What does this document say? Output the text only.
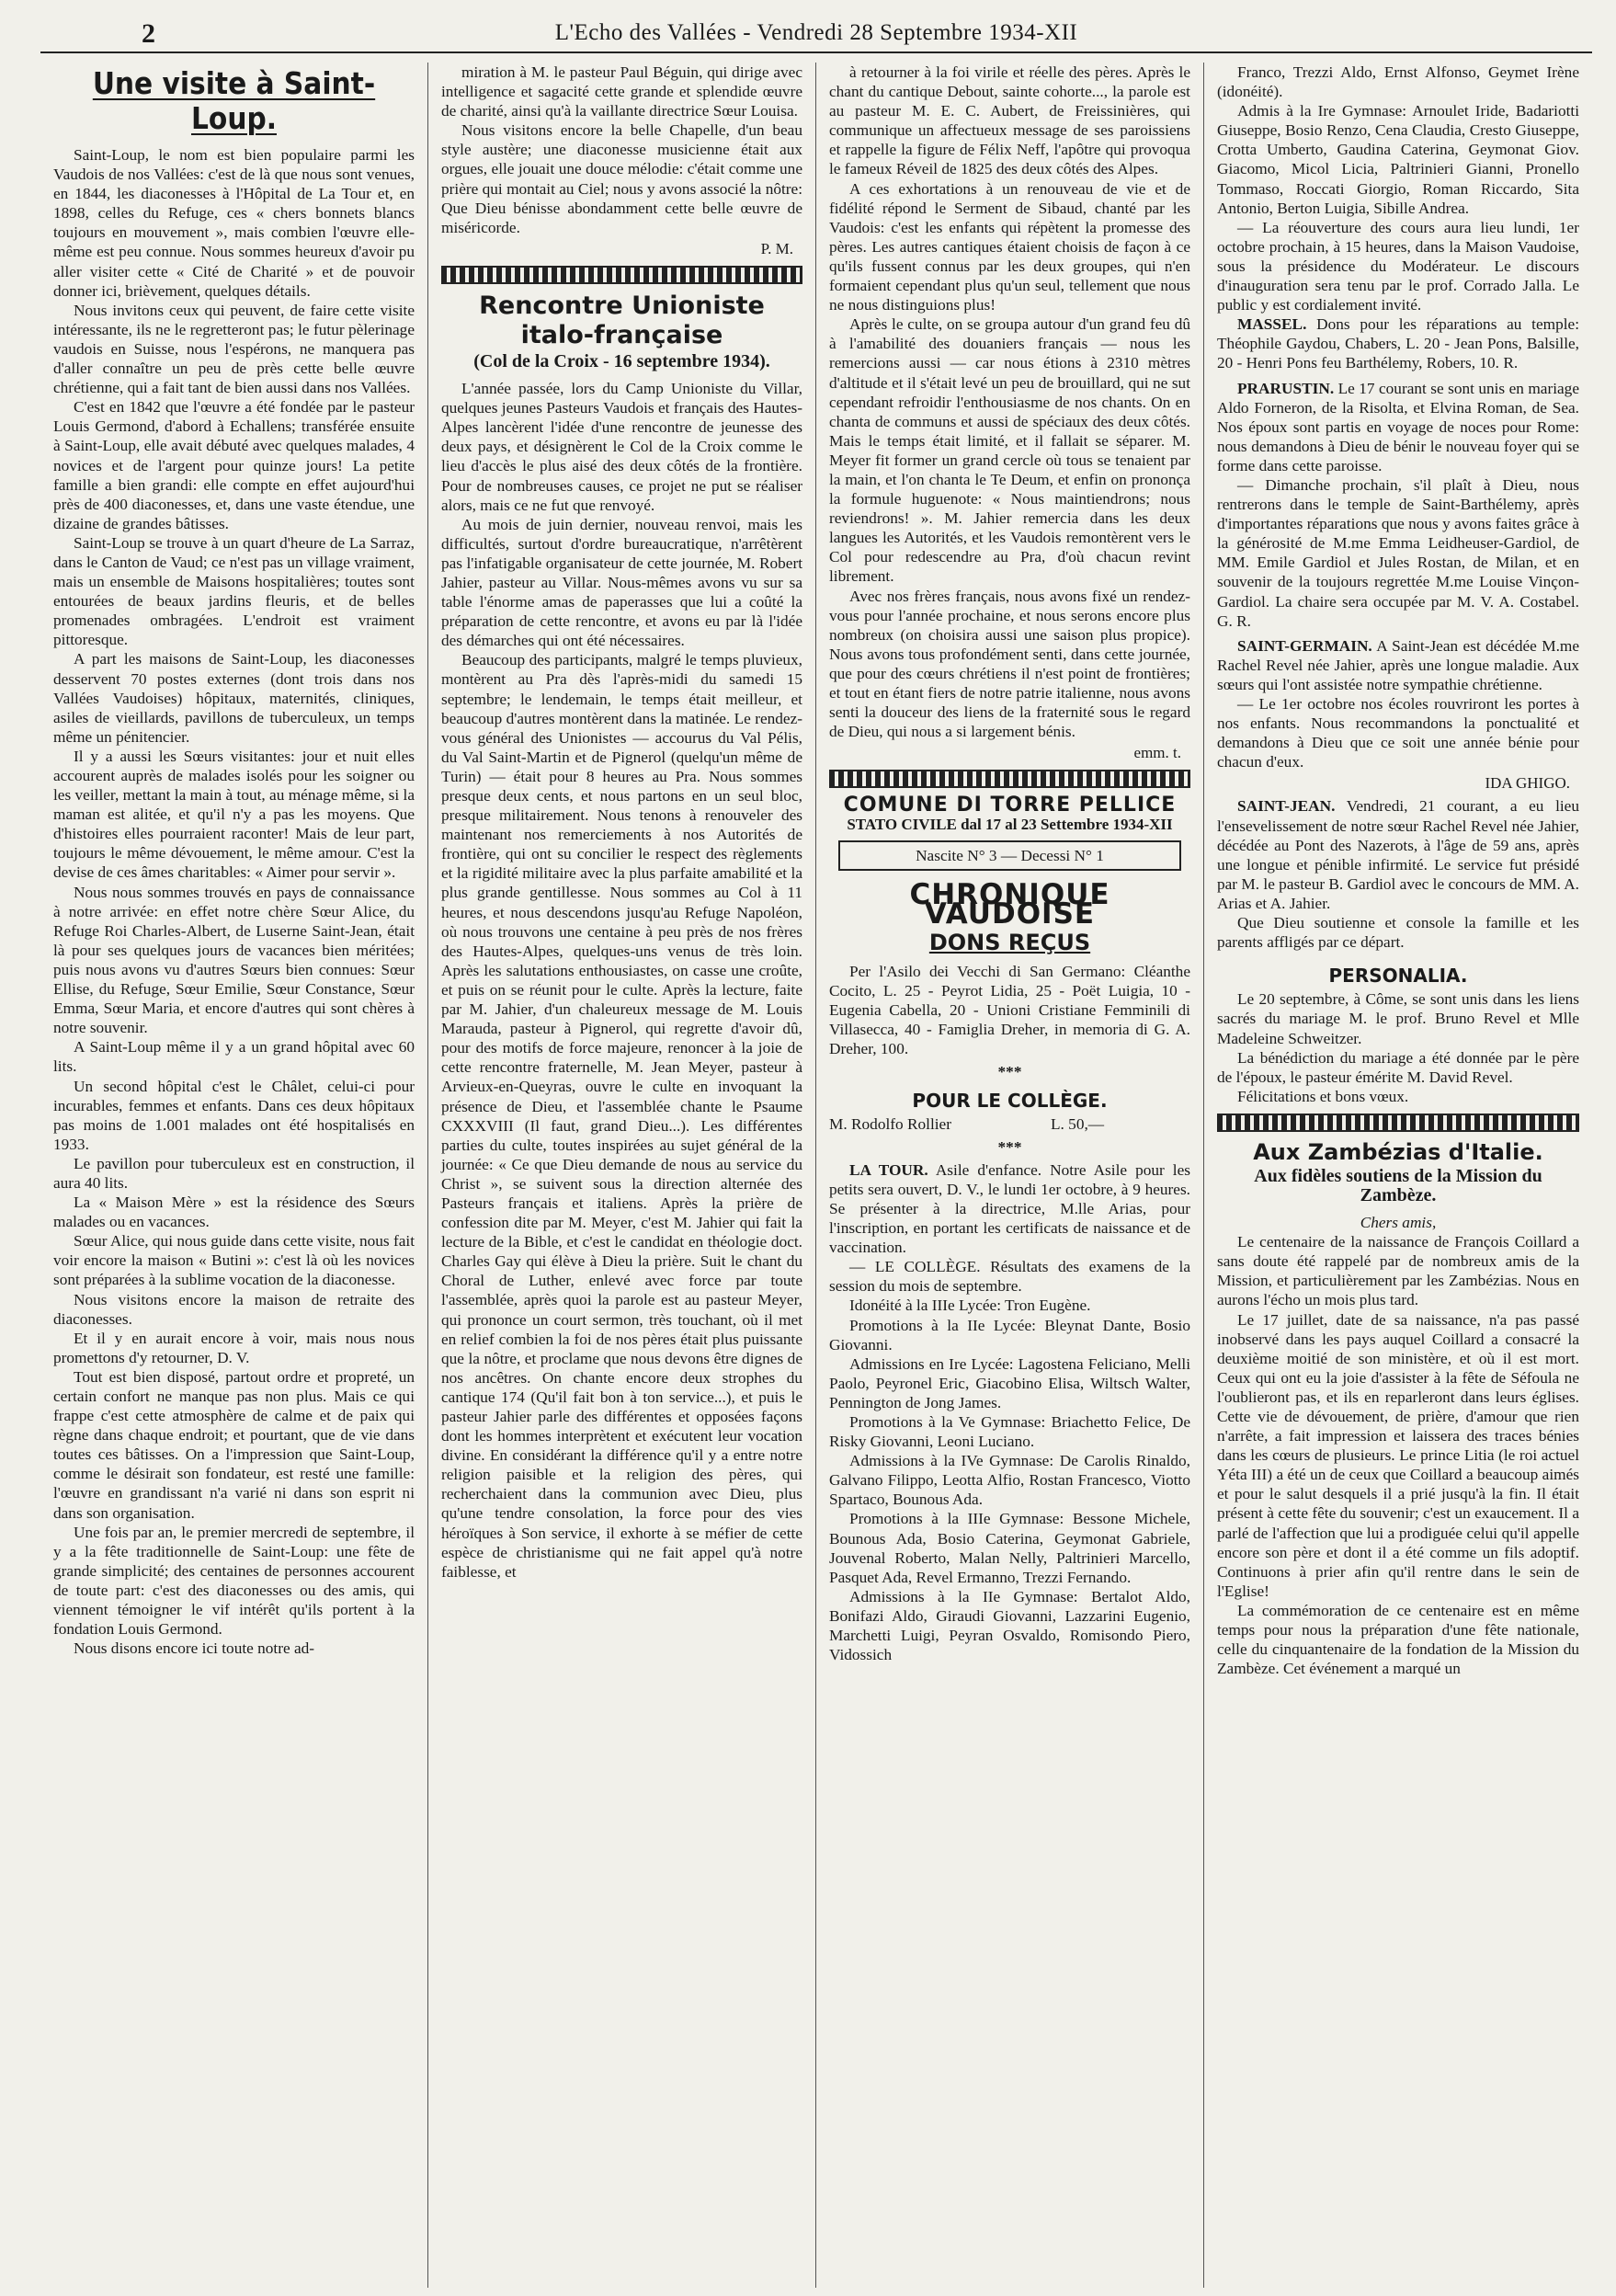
2	L'Echo des Vallées - Vendredi 28 Septembre 1934-XII
Une visite à Saint-Loup.

Saint-Loup, le nom est bien populaire parmi les Vaudois de nos Vallées: c'est de là que nous sont venues, en 1844, les diaconesses à l'Hôpital de La Tour et, en 1898, celles du Refuge, ces « chers bonnets blancs toujours en mouvement », mais combien l'œuvre elle-même est peu connue. Nous sommes heureux d'avoir pu aller visiter cette « Cité de Charité » et de pouvoir donner ici, brièvement, quelques détails.

Nous invitons ceux qui peuvent, de faire cette visite intéressante, ils ne le regretteront pas; le futur pèlerinage vaudois en Suisse, nous l'espérons, ne manquera pas d'aller connaître un peu de près cette belle œuvre chrétienne, qui a fait tant de bien aussi dans nos Vallées.

C'est en 1842 que l'œuvre a été fondée par le pasteur Louis Germond, d'abord à Echallens; transférée ensuite à Saint-Loup, elle avait débuté avec quelques malades, 4 novices et de l'argent pour quinze jours! La petite famille a bien grandi: elle compte en effet aujourd'hui près de 400 diaconesses, et, dans une vaste étendue, une dizaine de grandes bâtisses.

Saint-Loup se trouve à un quart d'heure de La Sarraz, dans le Canton de Vaud; ce n'est pas un village vraiment, mais un ensemble de Maisons hospitalières; toutes sont entourées de beaux jardins fleuris, et de belles promenades ombragées. L'endroit est vraiment pittoresque.

A part les maisons de Saint-Loup, les diaconesses desservent 70 postes externes (dont trois dans nos Vallées Vaudoises) hôpitaux, maternités, cliniques, asiles de vieillards, pavillons de tuberculeux, un temps même un pénitencier.

Il y a aussi les Sœurs visitantes: jour et nuit elles accourent auprès de malades isolés pour les soigner ou les veiller, mettant la main à tout, au ménage même, si la maman est alitée, et qu'il n'y a pas les moyens. Que d'histoires elles pourraient raconter! Mais de leur part, toujours le même dévouement, le même amour. C'est la devise de ces âmes charitables: « Aimer pour servir ».

Nous nous sommes trouvés en pays de connaissance à notre arrivée: en effet notre chère Sœur Alice, du Refuge Roi Charles-Albert, de Luserne Saint-Jean, était là pour ses quelques jours de vacances bien méritées; puis nous avons vu d'autres Sœurs bien connues: Sœur Ellise, du Refuge, Sœur Emilie, Sœur Constance, Sœur Emma, Sœur Maria, et encore d'autres qui sont chères à notre souvenir.

A Saint-Loup même il y a un grand hôpital avec 60 lits.

Un second hôpital c'est le Châlet, celui-ci pour incurables, femmes et enfants. Dans ces deux hôpitaux pas moins de 1.001 malades ont été hospitalisés en 1933.

Le pavillon pour tuberculeux est en construction, il aura 40 lits.

La « Maison Mère » est la résidence des Sœurs malades ou en vacances.

Sœur Alice, qui nous guide dans cette visite, nous fait voir encore la maison « Butini »: c'est là où les novices sont préparées à la sublime vocation de la diaconesse.

Nous visitons encore la maison de retraite des diaconesses.

Et il y en aurait encore à voir, mais nous nous promettons d'y retourner, D. V.

Tout est bien disposé, partout ordre et propreté, un certain confort ne manque pas non plus. Mais ce qui frappe c'est cette atmosphère de calme et de paix qui règne dans chaque endroit; et pourtant, que de vie dans toutes ces bâtisses. On a l'impression que Saint-Loup, comme le désirait son fondateur, est resté une famille: l'œuvre en grandissant n'a varié ni dans son esprit ni dans son organisation.

Une fois par an, le premier mercredi de septembre, il y a la fête traditionnelle de Saint-Loup: une fête de grande simplicité; des centaines de personnes accourent de toute part: c'est des diaconesses ou des amis, qui viennent témoigner le vif intérêt qu'ils portent à la fondation Louis Germond.

Nous disons encore ici toute notre ad-

miration à M. le pasteur Paul Béguin, qui dirige avec intelligence et sagacité cette grande et splendide œuvre de charité, ainsi qu'à la vaillante directrice Sœur Louisa.

Nous visitons encore la belle Chapelle, d'un beau style austère; une diaconesse musicienne était aux orgues, elle jouait une douce mélodie: c'était comme une prière qui montait au Ciel; nous y avons associé la nôtre: Que Dieu bénisse abondamment cette belle œuvre de miséricorde.

P. M.
Rencontre Unioniste italo-française
(Col de la Croix - 16 septembre 1934).

L'année passée, lors du Camp Unioniste du Villar, quelques jeunes Pasteurs Vaudois et français des Hautes-Alpes lancèrent l'idée d'une rencontre de jeunesse des deux pays, et désignèrent le Col de la Croix comme le lieu d'accès le plus aisé des deux côtés de la frontière. Pour de nombreuses causes, ce projet ne put se réaliser alors, mais ce ne fut que renvoyé.

Au mois de juin dernier, nouveau renvoi, mais les difficultés, surtout d'ordre bureaucratique, n'arrêtèrent pas l'infatigable organisateur de cette journée, M. Robert Jahier, pasteur au Villar. Nous-mêmes avons vu sur sa table l'énorme amas de paperasses que lui a coûté la préparation de cette rencontre, et avons eu par là l'idée des démarches qui ont été nécessaires.

Beaucoup des participants, malgré le temps pluvieux, montèrent au Pra dès l'après-midi du samedi 15 septembre; le lendemain, le temps était meilleur, et beaucoup d'autres montèrent dans la matinée. Le rendez-vous général des Unionistes — accourus du Val Pélis, du Val Saint-Martin et de Pignerol (quelqu'un même de Turin) — était pour 8 heures au Pra. Nous sommes presque deux cents, et nous partons en un seul bloc, presque militairement. Nous tenons à renouveler des maintenant nos remerciements à nos Autorités de frontière, qui ont su concilier le respect des règlements et la rigidité militaire avec la plus parfaite amabilité et la plus grande gentillesse. Nous sommes au Col à 11 heures, et nous descendons jusqu'au Refuge Napoléon, où nous trouvons une centaine à peu près de nos frères des Hautes-Alpes, quelques-uns venus de très loin. Après les salutations enthousiastes, on casse une croûte, et puis on se réunit pour le culte. Après la lecture, faite par M. Jahier, d'un chaleureux message de M. Louis Marauda, pasteur à Pignerol, qui regrette d'avoir dû, pour des motifs de force majeure, renoncer à la joie de cette rencontre fraternelle, M. Jean Meyer, pasteur à Arvieux-en-Queyras, ouvre le culte en invoquant la présence de Dieu, et l'assemblée chante le Psaume CXXXVIII (Il faut, grand Dieu...). Les différentes parties du culte, toutes inspirées au sujet général de la journée: « Ce que Dieu demande de nous au service du Christ », se suivent sous la direction alternée des Pasteurs français et italiens. Après la prière de confession dite par M. Meyer, c'est M. Jahier qui fait la lecture de la Bible, et c'est le candidat en théologie doct. Charles Gay qui élève à Dieu la prière. Suit le chant du Choral de Luther, enlevé avec force par toute l'assemblée, après quoi la parole est au pasteur Meyer, qui prononce un court sermon, très touchant, où il met en relief combien la foi de nos pères était plus puissante que la nôtre, et proclame que nous devons être dignes de nos ancêtres. On chante encore deux strophes du cantique 174 (Qu'il fait bon à ton service...), et puis le pasteur Jahier parle des différentes et opposées façons dont les hommes interprètent et exécutent leur vocation divine. En considérant la différence qu'il y a entre notre religion paisible et la religion des pères, qui recherchaient dans la communion avec Dieu, plus qu'une tendre consolation, la force pour des vies héroïques à Son service, il exhorte à se méfier de cette espèce de christianisme qui ne fait appel qu'à notre faiblesse, et

à retourner à la foi virile et réelle des pères. Après le chant du cantique Debout, sainte cohorte..., la parole est au pasteur M. E. C. Aubert, de Freissinières, qui communique un affectueux message de ses paroissiens et rappelle la figure de Félix Neff, l'apôtre qui provoqua le fameux Réveil de 1825 des deux côtés des Alpes.

A ces exhortations à un renouveau de vie et de fidélité répond le Serment de Sibaud, chanté par les Vaudois: c'est les enfants qui répètent la promesse des pères. Les autres cantiques étaient choisis de façon à ce qu'ils fussent connus par les deux groupes, qui n'en formaient cependant plus qu'un seul, tellement que nous ne nous distinguions plus!

Après le culte, on se groupa autour d'un grand feu dû à l'amabilité des douaniers français — nous les remercions aussi — car nous étions à 2310 mètres d'altitude et il s'était levé un peu de brouillard, qui ne sut cependant refroidir l'enthousiasme de nos chants. On en chanta de communs et aussi de spéciaux des deux côtés. Mais le temps était limité, et il fallait se séparer. M. Meyer fit former un grand cercle où tous se tenaient par la main, et l'on chanta le Te Deum, et enfin on prononça la formule huguenote: « Nous maintiendrons; nous reviendrons! ». M. Jahier remercia dans les deux langues les Autorités, et les Vaudois remontèrent vers le Col pour redescendre au Pra, d'où chacun revint librement.

Avec nos frères français, nous avons fixé un rendez-vous pour l'année prochaine, et nous serons encore plus nombreux (on choisira aussi une saison plus propice). Nous avons tous profondément senti, dans cette journée, que pour des cœurs chrétiens il n'est point de frontières; et tout en étant fiers de notre patrie italienne, nous avons senti la douceur des liens de la fraternité sous le regard de Dieu, qui nous a si largement bénis.

emm. t.
COMUNE DI TORRE PELLICE
STATO CIVILE dal 17 al 23 Settembre 1934-XII
Nascite N° 3 — Decessi N° 1
CHRONIQUE VAUDOISE
DONS REÇUS

Per l'Asilo dei Vecchi di San Germano: Cléanthe Cocito, L. 25 - Peyrot Lidia, 25 - Poët Luigia, 10 - Eugenia Cabella, 20 - Unioni Cristiane Femminili di Villasecca, 40 - Famiglia Dreher, in memoria di G. A. Dreher, 100.

***
POUR LE COLLÈGE.

M. Rodolfo Rollier                         L. 50,—

***

LA TOUR. Asile d'enfance. Notre Asile pour les petits sera ouvert, D. V., le lundi 1er octobre, à 9 heures. Se présenter à la directrice, M.lle Arias, pour l'inscription, en portant les certificats de naissance et de vaccination.

— LE COLLÈGE. Résultats des examens de la session du mois de septembre.

Idonéité à la IIIe Lycée: Tron Eugène.

Promotions à la IIe Lycée: Bleynat Dante, Bosio Giovanni.

Admissions en Ire Lycée: Lagostena Feliciano, Melli Paolo, Peyronel Eric, Giacobino Elisa, Wiltsch Walter, Pennington de Jong James.

Promotions à la Ve Gymnase: Briachetto Felice, De Risky Giovanni, Leoni Luciano.

Admissions à la IVe Gymnase: De Carolis Rinaldo, Galvano Filippo, Leotta Alfio, Rostan Francesco, Viotto Spartaco, Bounous Ada.

Promotions à la IIIe Gymnase: Bessone Michele, Bounous Ada, Bosio Caterina, Geymonat Gabriele, Jouvenal Roberto, Malan Nelly, Paltrinieri Marcello, Pasquet Ada, Revel Ermanno, Trezzi Fernando.

Admissions à la IIe Gymnase: Bertalot Aldo, Bonifazi Aldo, Giraudi Giovanni, Lazzarini Eugenio, Marchetti Luigi, Peyran Osvaldo, Romisondo Piero, Vidossich

Franco, Trezzi Aldo, Ernst Alfonso, Geymet Irène (idonéité).

Admis à la Ire Gymnase: Arnoulet Iride, Badariotti Giuseppe, Bosio Renzo, Cena Claudia, Cresto Giuseppe, Crotta Umberto, Gaudina Caterina, Geymonat Giov. Giacomo, Micol Licia, Paltrinieri Gianni, Pronello Tommaso, Roccati Giorgio, Roman Riccardo, Sita Antonio, Berton Luigia, Sibille Andrea.

— La réouverture des cours aura lieu lundi, 1er octobre prochain, à 15 heures, dans la Maison Vaudoise, sous la présidence du Modérateur. Le discours d'inauguration sera tenu par le prof. Corrado Jalla. Le public y est cordialement invité.

MASSEL. Dons pour les réparations au temple: Théophile Gaydou, Chabers, L. 20 - Jean Pons, Balsille, 20 - Henri Pons feu Barthélemy, Robers, 10. R.

PRARUSTIN. Le 17 courant se sont unis en mariage Aldo Forneron, de la Risolta, et Elvina Roman, de Sea. Nos époux sont partis en voyage de noces pour Rome: nous demandons à Dieu de bénir le nouveau foyer qui se forme dans cette paroisse.

— Dimanche prochain, s'il plaît à Dieu, nous rentrerons dans le temple de Saint-Barthélemy, après d'importantes réparations que nous y avons faites grâce à la générosité de M.me Emma Leidheuser-Gardiol, de MM. Emile Gardiol et Jules Rostan, de Milan, et en souvenir de la toujours regrettée M.me Louise Vinçon-Gardiol. La chaire sera occupée par M. V. A. Costabel. G. R.

SAINT-GERMAIN. A Saint-Jean est décédée M.me Rachel Revel née Jahier, après une longue maladie. Aux sœurs qui l'ont assistée notre sympathie chrétienne.

— Le 1er octobre nos écoles rouvriront les portes à nos enfants. Nous recommandons la ponctualité et demandons à Dieu que ce soit une année bénie pour chacun d'eux.

IDA GHIGO.

SAINT-JEAN. Vendredi, 21 courant, a eu lieu l'ensevelissement de notre sœur Rachel Revel née Jahier, décédée au Pont des Nazerots, à l'âge de 59 ans, après une longue et pénible infirmité. Le service fut présidé par M. le pasteur B. Gardiol avec le concours de MM. A. Arias et A. Jahier.

Que Dieu soutienne et console la famille et les parents affligés par ce départ.

PERSONALIA.

Le 20 septembre, à Côme, se sont unis dans les liens sacrés du mariage M. le prof. Bruno Revel et Mlle Madeleine Schweitzer.

La bénédiction du mariage a été donnée par le père de l'époux, le pasteur émérite M. David Revel.

Félicitations et bons vœux.

Aux Zambézias d'Italie.
Aux fidèles soutiens de la Mission du Zambèze.
Chers amis,

Le centenaire de la naissance de François Coillard a sans doute été rappelé par de nombreux amis de la Mission, et particulièrement par les Zambézias. Nous en aurons l'écho un mois plus tard.

Le 17 juillet, date de sa naissance, n'a pas passé inobservé dans les pays auquel Coillard a consacré la deuxième moitié de son ministère, et où il est mort. Ceux qui ont eu la joie d'assister à la fête de Séfoula ne l'oublieront pas, et ils en reparleront dans leurs églises. Cette vie de dévouement, de prière, d'amour que rien n'arrête, a fait impression et laissera des traces bénies dans les cœurs de plusieurs. Le prince Litia (le roi actuel Yéta III) a été un de ceux que Coillard a beaucoup aimés et pour le salut desquels il a prié jusqu'à la fin. Il était présent à cette fête du souvenir; c'est un exaucement. Il a parlé de l'affection que lui a prodiguée celui qu'il appelle encore son père et dont il a été comme un fils adoptif. Continuons à prier afin qu'il rentre dans le sein de l'Eglise!

La commémoration de ce centenaire est en même temps pour nous la préparation d'une fête nationale, celle du cinquantenaire de la fondation de la Mission du Zambèze. Cet événement a marqué un
